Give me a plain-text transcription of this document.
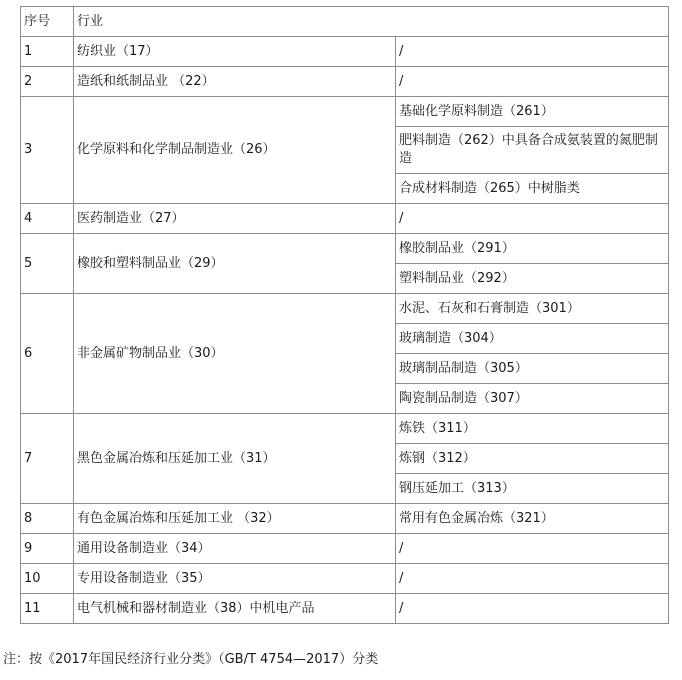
序号	行业	
1	纺织业（17）	/
2	造纸和纸制品业 （22）	/
3	化学原料和化学制品制造业（26）	基础化学原料制造（261）
		肥料制造（262）中具备合成氨装置的氮肥制造
		合成材料制造（265）中树脂类
4	医药制造业（27）	/
5	橡胶和塑料制品业（29）	橡胶制品业（291）
		塑料制品业（292）
6	非金属矿物制品业（30）	水泥、石灰和石膏制造（301）
		玻璃制造（304）
		玻璃制品制造（305）
		陶瓷制品制造（307）
7	黑色金属冶炼和压延加工业（31）	炼铁（311）
		炼钢（312）
		钢压延加工（313）
8	有色金属冶炼和压延加工业 （32）	常用有色金属冶炼（321）
9	通用设备制造业（34）	/
10	专用设备制造业（35）	/
11	电气机械和器材制造业（38）中机电产品	/
注：按《2017年国民经济行业分类》（GB/T 4754—2017）分类
